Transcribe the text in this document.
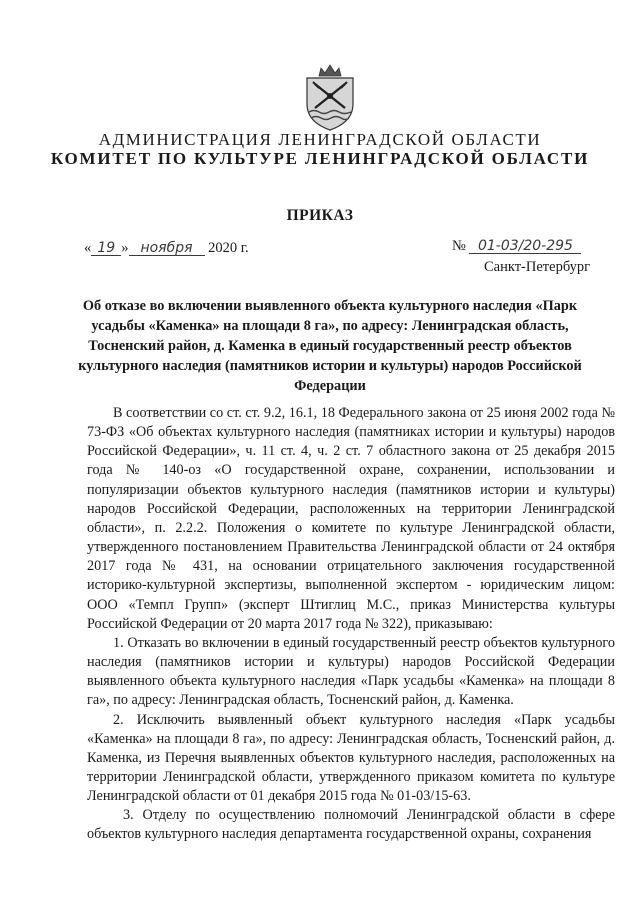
АДМИНИСТРАЦИЯ ЛЕНИНГРАДСКОЙ ОБЛАСТИ
КОМИТЕТ ПО КУЛЬТУРЕ ЛЕНИНГРАДСКОЙ ОБЛАСТИ
ПРИКАЗ
« 19 » ноября 2020 г.	№ 01-03/20-295
Санкт-Петербург
Об отказе во включении выявленного объекта культурного наследия «Парк усадьбы «Каменка» на площади 8 га», по адресу: Ленинградская область, Тосненский район, д. Каменка в единый государственный реестр объектов культурного наследия (памятников истории и культуры) народов Российской Федерации

В соответствии со ст. ст. 9.2, 16.1, 18 Федерального закона от 25 июня 2002 года № 73-ФЗ «Об объектах культурного наследия (памятниках истории и культуры) народов Российской Федерации», ч. 11 ст. 4, ч. 2 ст. 7 областного закона от 25 декабря 2015 года № 140-оз «О государственной охране, сохранении, использовании и популяризации объектов культурного наследия (памятников истории и культуры) народов Российской Федерации, расположенных на территории Ленинградской области», п. 2.2.2. Положения о комитете по культуре Ленинградской области, утвержденного постановлением Правительства Ленинградской области от 24 октября 2017 года № 431, на основании отрицательного заключения государственной историко-культурной экспертизы, выполненной экспертом - юридическим лицом: ООО «Темпл Групп» (эксперт Штиглиц М.С., приказ Министерства культуры Российской Федерации от 20 марта 2017 года № 322), приказываю:

1. Отказать во включении в единый государственный реестр объектов культурного наследия (памятников истории и культуры) народов Российской Федерации выявленного объекта культурного наследия «Парк усадьбы «Каменка» на площади 8 га», по адресу: Ленинградская область, Тосненский район, д. Каменка.

2. Исключить выявленный объект культурного наследия «Парк усадьбы «Каменка» на площади 8 га», по адресу: Ленинградская область, Тосненский район, д. Каменка, из Перечня выявленных объектов культурного наследия, расположенных на территории Ленинградской области, утвержденного приказом комитета по культуре Ленинградской области от 01 декабря 2015 года № 01-03/15-63.

3. Отделу по осуществлению полномочий Ленинградской области в сфере объектов культурного наследия департамента государственной охраны, сохранения
